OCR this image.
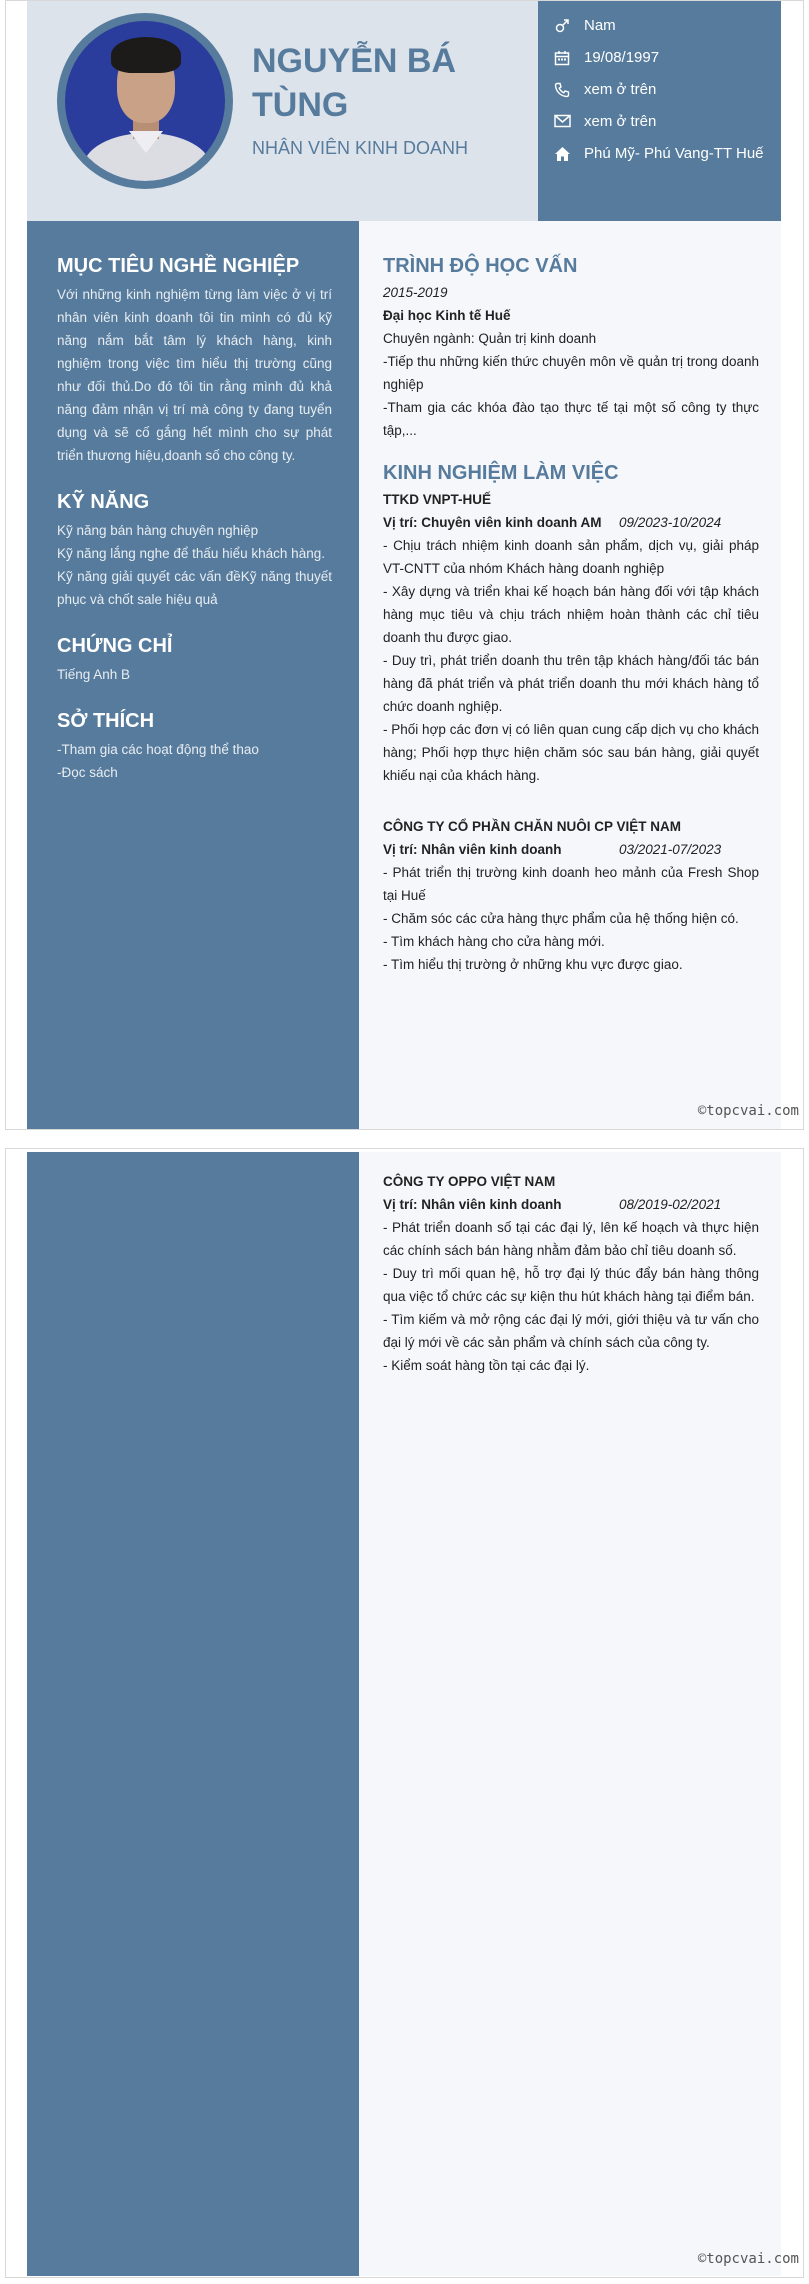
NGUYỄN BÁ TÙNG
NHÂN VIÊN KINH DOANH
Nam
19/08/1997
xem ở trên
xem ở trên
Phú Mỹ- Phú Vang-TT Huế
MỤC TIÊU NGHỀ NGHIỆP

Với những kinh nghiệm từng làm việc ở vị trí nhân viên kinh doanh tôi tin mình có đủ kỹ năng nắm bắt tâm lý khách hàng, kinh nghiệm trong việc tìm hiểu thị trường cũng như đối thủ.Do đó tôi tin rằng mình đủ khả năng đảm nhận vị trí mà công ty đang tuyển dụng và sẽ cố gắng hết mình cho sự phát triển thương hiệu,doanh số cho công ty.

KỸ NĂNG
Kỹ năng bán hàng chuyên nghiệp
Kỹ năng lắng nghe để thấu hiểu khách hàng.
Kỹ năng giải quyết các vấn đềKỹ năng thuyết phục và chốt sale hiệu quả
CHỨNG CHỈ
Tiếng Anh B
SỞ THÍCH
-Tham gia các hoạt động thể thao
-Đọc sách
TRÌNH ĐỘ HỌC VẤN
2015-2019
Đại học Kinh tế Huế
Chuyên ngành: Quản trị kinh doanh
-Tiếp thu những kiến thức chuyên môn về quản trị trong doanh nghiệp
-Tham gia các khóa đào tạo thực tế tại một số công ty thực tập,...
KINH NGHIỆM LÀM VIỆC
TTKD VNPT-HUẾ
Vị trí: Chuyên viên kinh doanh AM 09/2023-10/2024
- Chịu trách nhiệm kinh doanh sản phẩm, dịch vụ, giải pháp VT-CNTT của nhóm Khách hàng doanh nghiệp
- Xây dựng và triển khai kế hoạch bán hàng đối với tập khách hàng mục tiêu và chịu trách nhiệm hoàn thành các chỉ tiêu doanh thu được giao.
- Duy trì, phát triển doanh thu trên tập khách hàng/đối tác bán hàng đã phát triển và phát triển doanh thu mới khách hàng tổ chức doanh nghiệp.
- Phối hợp các đơn vị có liên quan cung cấp dịch vụ cho khách hàng; Phối hợp thực hiện chăm sóc sau bán hàng, giải quyết khiếu nại của khách hàng.
CÔNG TY CỔ PHẦN CHĂN NUÔI CP VIỆT NAM
Vị trí: Nhân viên kinh doanh	03/2021-07/2023
- Phát triển thị trường kinh doanh heo mảnh của Fresh Shop tại Huế
- Chăm sóc các cửa hàng thực phẩm của hệ thống hiện có.
- Tìm khách hàng cho cửa hàng mới.
- Tìm hiểu thị trường ở những khu vực được giao.
©topcvai.com
CÔNG TY OPPO VIỆT NAM
Vị trí: Nhân viên kinh doanh	08/2019-02/2021
- Phát triển doanh số tại các đại lý, lên kế hoạch và thực hiện các chính sách bán hàng nhằm đảm bảo chỉ tiêu doanh số.
- Duy trì mối quan hệ, hỗ trợ đại lý thúc đẩy bán hàng thông qua việc tổ chức các sự kiện thu hút khách hàng tại điểm bán.
- Tìm kiếm và mở rộng các đại lý mới, giới thiệu và tư vấn cho đại lý mới về các sản phẩm và chính sách của công ty.
- Kiểm soát hàng tồn tại các đại lý.
©topcvai.com
